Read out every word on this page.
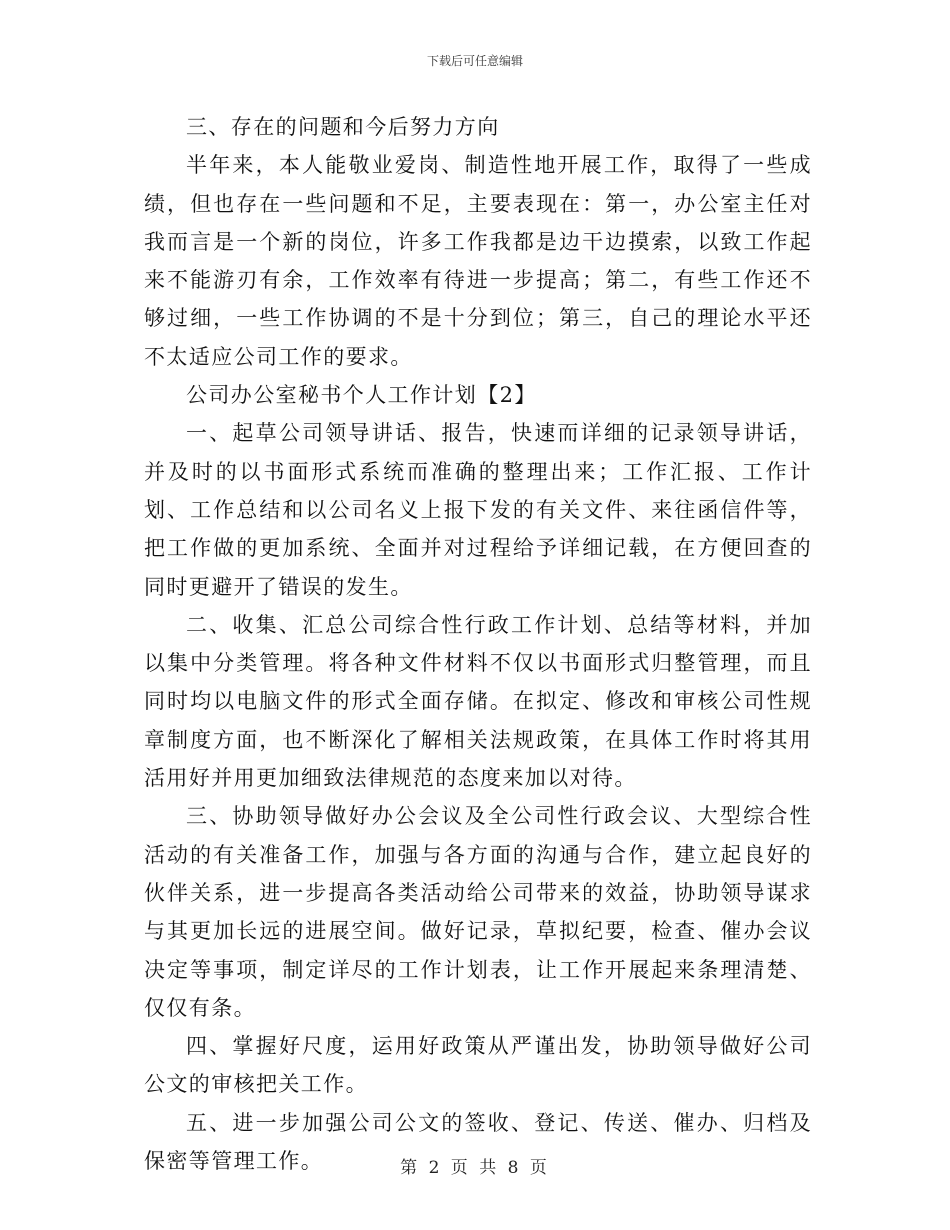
下载后可任意编辑

三、存在的问题和今后努力方向

半年来，本人能敬业爱岗、制造性地开展工作，取得了一些成绩，但也存在一些问题和不足，主要表现在：第一，办公室主任对我而言是一个新的岗位，许多工作我都是边干边摸索，以致工作起来不能游刃有余，工作效率有待进一步提高；第二，有些工作还不够过细，一些工作协调的不是十分到位；第三，自己的理论水平还不太适应公司工作的要求。

公司办公室秘书个人工作计划【2】

一、起草公司领导讲话、报告，快速而详细的记录领导讲话，并及时的以书面形式系统而准确的整理出来；工作汇报、工作计划、工作总结和以公司名义上报下发的有关文件、来往函信件等，把工作做的更加系统、全面并对过程给予详细记载，在方便回查的同时更避开了错误的发生。

二、收集、汇总公司综合性行政工作计划、总结等材料，并加以集中分类管理。将各种文件材料不仅以书面形式归整管理，而且同时均以电脑文件的形式全面存储。在拟定、修改和审核公司性规章制度方面，也不断深化了解相关法规政策，在具体工作时将其用活用好并用更加细致法律规范的态度来加以对待。

三、协助领导做好办公会议及全公司性行政会议、大型综合性活动的有关准备工作，加强与各方面的沟通与合作，建立起良好的伙伴关系，进一步提高各类活动给公司带来的效益，协助领导谋求与其更加长远的进展空间。做好记录，草拟纪要，检查、催办会议决定等事项，制定详尽的工作计划表，让工作开展起来条理清楚、仅仅有条。

四、掌握好尺度，运用好政策从严谨出发，协助领导做好公司公文的审核把关工作。

五、进一步加强公司公文的签收、登记、传送、催办、归档及保密等管理工作。	第 2 页 共 8 页
